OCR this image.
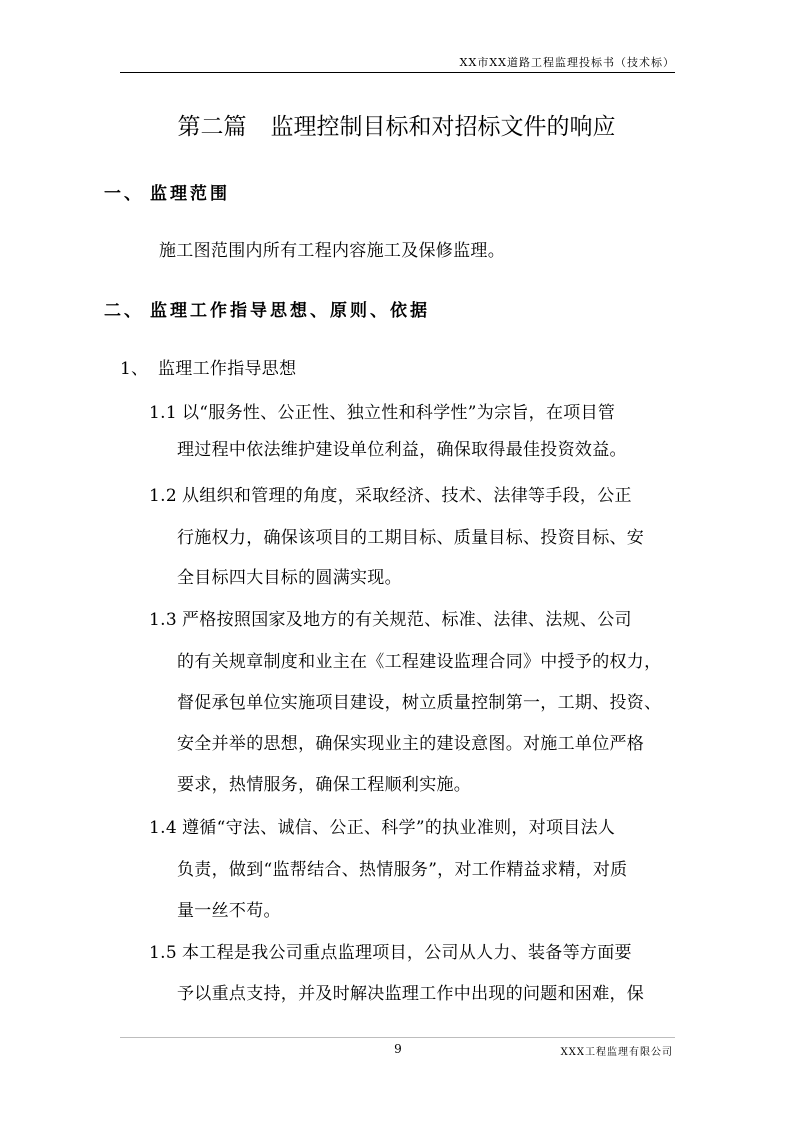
XX市XX道路工程监理投标书（技术标）
第二篇 监理控制目标和对招标文件的响应
一、 监理范围
施工图范围内所有工程内容施工及保修监理。
二、 监理工作指导思想、原则、依据
1、 监理工作指导思想
1.1 以“服务性、公正性、独立性和科学性”为宗旨，在项目管
理过程中依法维护建设单位利益，确保取得最佳投资效益。
1.2 从组织和管理的角度，采取经济、技术、法律等手段，公正
行施权力，确保该项目的工期目标、质量目标、投资目标、安
全目标四大目标的圆满实现。
1.3 严格按照国家及地方的有关规范、标准、法律、法规、公司
的有关规章制度和业主在《工程建设监理合同》中授予的权力，
督促承包单位实施项目建设，树立质量控制第一，工期、投资、
安全并举的思想，确保实现业主的建设意图。对施工单位严格
要求，热情服务，确保工程顺利实施。
1.4 遵循“守法、诚信、公正、科学”的执业准则，对项目法人
负责，做到“监帮结合、热情服务”，对工作精益求精，对质
量一丝不苟。
1.5 本工程是我公司重点监理项目，公司从人力、装备等方面要
予以重点支持，并及时解决监理工作中出现的问题和困难，保
9	XXX工程监理有限公司
